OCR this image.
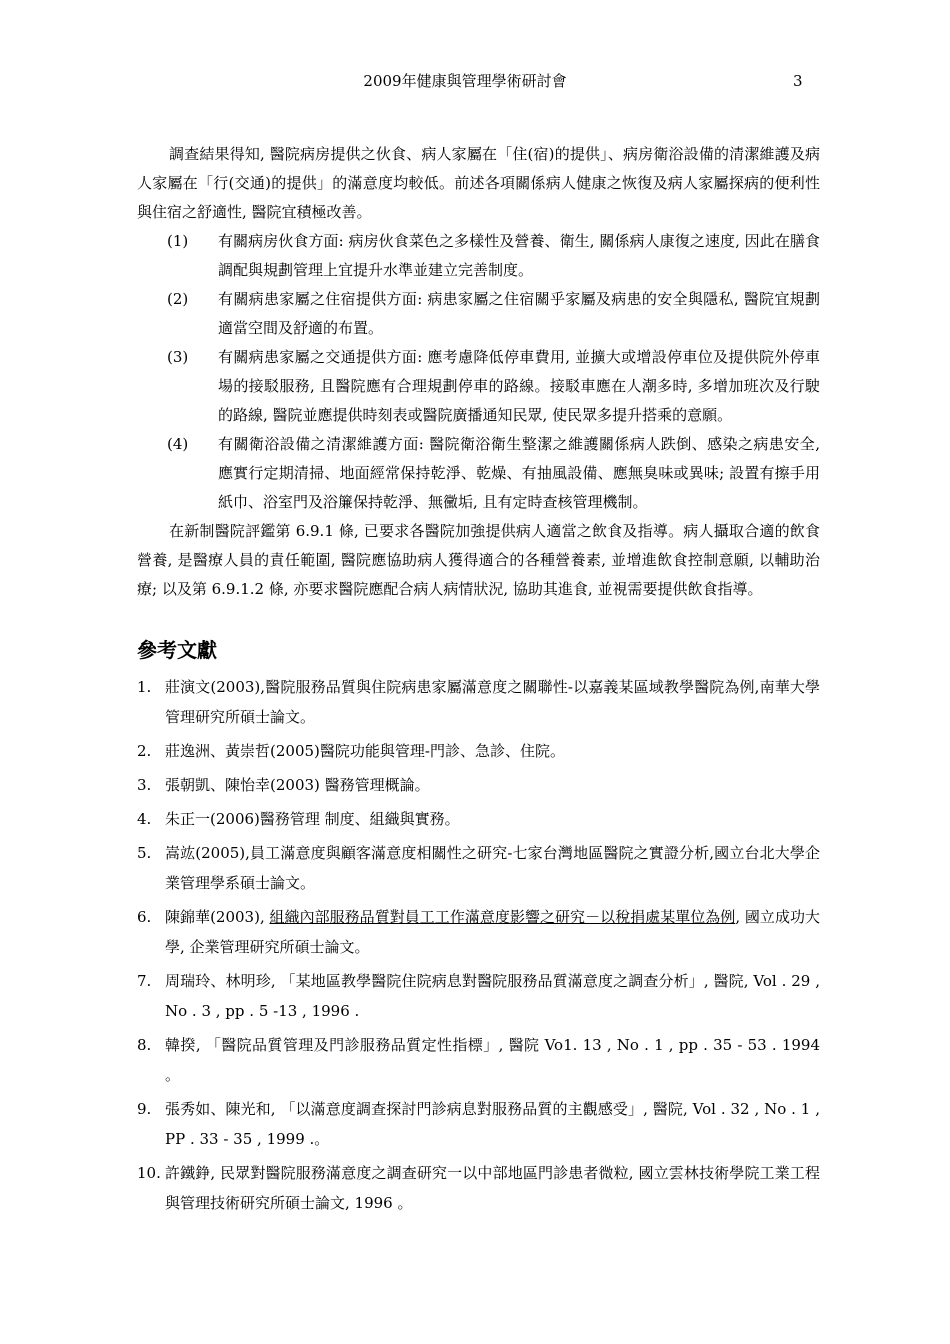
2009年健康與管理學術研討會	3

調查結果得知, 醫院病房提供之伙食、病人家屬在「住(宿)的提供」、病房衛浴設備的清潔維護及病人家屬在「行(交通)的提供」的滿意度均較低。前述各項關係病人健康之恢復及病人家屬探病的便利性與住宿之舒適性, 醫院宜積極改善。

(1) 有關病房伙食方面: 病房伙食菜色之多樣性及營養、衛生, 關係病人康復之速度, 因此在膳食調配與規劃管理上宜提升水準並建立完善制度。
(2) 有關病患家屬之住宿提供方面: 病患家屬之住宿關乎家屬及病患的安全與隱私, 醫院宜規劃適當空間及舒適的布置。
(3) 有關病患家屬之交通提供方面: 應考慮降低停車費用, 並擴大或增設停車位及提供院外停車場的接駁服務, 且醫院應有合理規劃停車的路線。接駁車應在人潮多時, 多增加班次及行駛的路線, 醫院並應提供時刻表或醫院廣播通知民眾, 使民眾多提升搭乘的意願。
(4) 有關衛浴設備之清潔維護方面: 醫院衛浴衛生整潔之維護關係病人跌倒、感染之病患安全, 應實行定期清掃、地面經常保持乾淨、乾燥、有抽風設備、應無臭味或異味; 設置有擦手用紙巾、浴室門及浴簾保持乾淨、無黴垢, 且有定時查核管理機制。

在新制醫院評鑑第 6.9.1 條, 已要求各醫院加強提供病人適當之飲食及指導。病人攝取合適的飲食營養, 是醫療人員的責任範圍, 醫院應協助病人獲得適合的各種營養素, 並增進飲食控制意願, 以輔助治療; 以及第 6.9.1.2 條, 亦要求醫院應配合病人病情狀況, 協助其進食, 並視需要提供飲食指導。

參考文獻
1. 莊演文(2003),醫院服務品質與住院病患家屬滿意度之關聯性-以嘉義某區域教學醫院為例,南華大學管理研究所碩士論文。
2. 莊逸洲、黃崇哲(2005)醫院功能與管理-門診、急診、住院。
3. 張朝凱、陳怡幸(2003) 醫務管理概論。
4. 朱正一(2006)醫務管理 制度、組織與實務。
5. 嵩竑(2005),員工滿意度與顧客滿意度相關性之研究-七家台灣地區醫院之實證分析,國立台北大學企業管理學系碩士論文。
6. 陳錦華(2003), 組織內部服務品質對員工工作滿意度影響之研究－以稅捐處某單位為例, 國立成功大學, 企業管理研究所碩士論文。
7. 周瑞玲、林明珍, 「某地區教學醫院住院病息對醫院服務品質滿意度之調查分析」, 醫院, Vol . 29 , No . 3 , pp . 5 -13 , 1996 .
8. 韓揆, 「醫院品質管理及門診服務品質定性指標」, 醫院 Vo1. 13 , No . 1 , pp . 35 - 53 . 1994 。
9. 張秀如、陳光和, 「以滿意度調查探討門診病息對服務品質的主觀感受」, 醫院, Vol . 32 , No . 1 , PP . 33 - 35 , 1999 .。
10. 許鐵錚, 民眾對醫院服務滿意度之調查研究一以中部地區門診患者微粒, 國立雲林技術學院工業工程與管理技術研究所碩士論文, 1996 。
